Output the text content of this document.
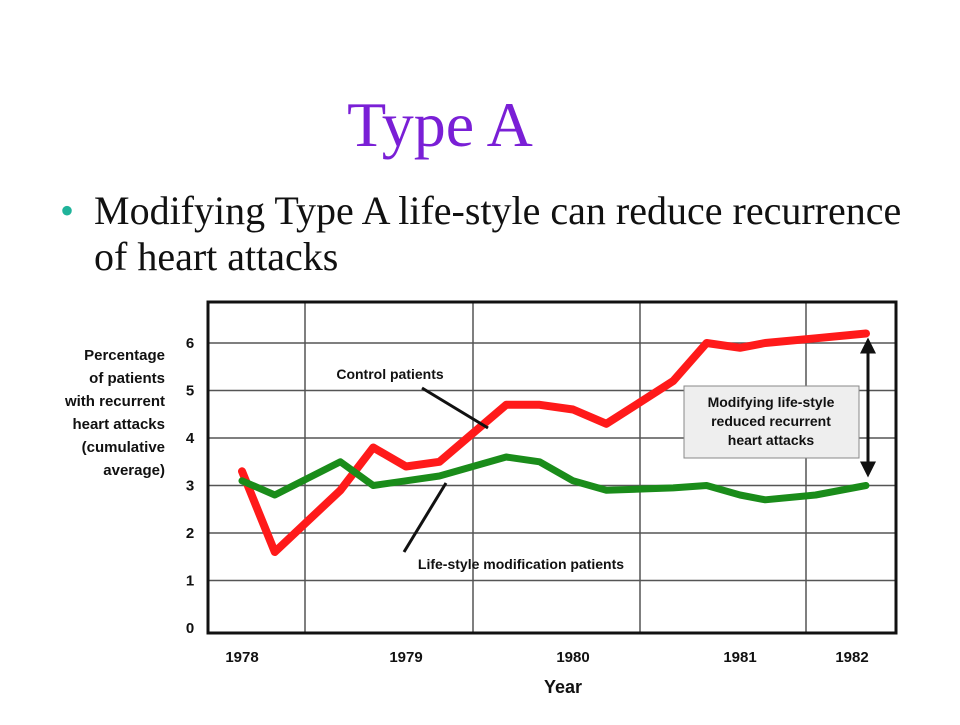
Type A
• Modifying Type A life-style can reduce recurrence of heart attacks
0
1
2
3
4
5
6
1978	1979	1980	1981	1982
Percentage
of patients
with recurrent
heart attacks
(cumulative
average)
Year
Control patients
Life-style modification patients
Modifying life-style
reduced recurrent
heart attacks
